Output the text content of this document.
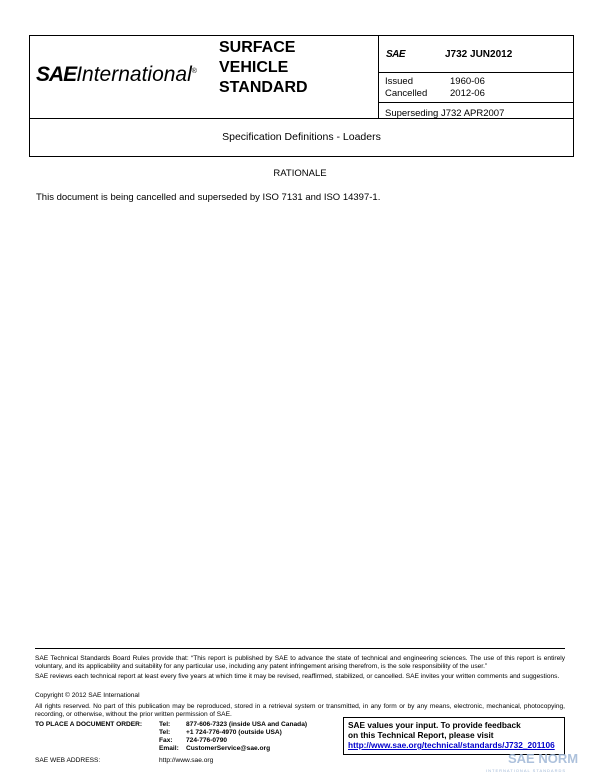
SAEInternational®
SURFACE
VEHICLE
STANDARD
SAE	J732 JUN2012
Issued	1960-06
Cancelled	2012-06
Superseding J732 APR2007
Specification Definitions - Loaders
RATIONALE
This document is being cancelled and superseded by ISO 7131 and ISO 14397-1.
SAE Technical Standards Board Rules provide that: “This report is published by SAE to advance the state of technical and engineering sciences. The use of this report is entirely voluntary, and its applicability and suitability for any particular use, including any patent infringement arising therefrom, is the sole responsibility of the user.”
SAE reviews each technical report at least every five years at which time it may be revised, reaffirmed, stabilized, or cancelled. SAE invites your written comments and suggestions.
Copyright © 2012 SAE International
All rights reserved. No part of this publication may be reproduced, stored in a retrieval system or transmitted, in any form or by any means, electronic, mechanical, photocopying, recording, or otherwise, without the prior written permission of SAE.
TO PLACE A DOCUMENT ORDER:	Tel:	877-606-7323 (inside USA and Canada)
Tel:	+1 724-776-4970 (outside USA)
Fax:	724-776-0790
Email:	CustomerService@sae.org
SAE WEB ADDRESS:	http://www.sae.org
SAE values your input. To provide feedback
on this Technical Report, please visit
http://www.sae.org/technical/standards/J732_201106
SAE NORM
INTERNATIONAL STANDARDS
